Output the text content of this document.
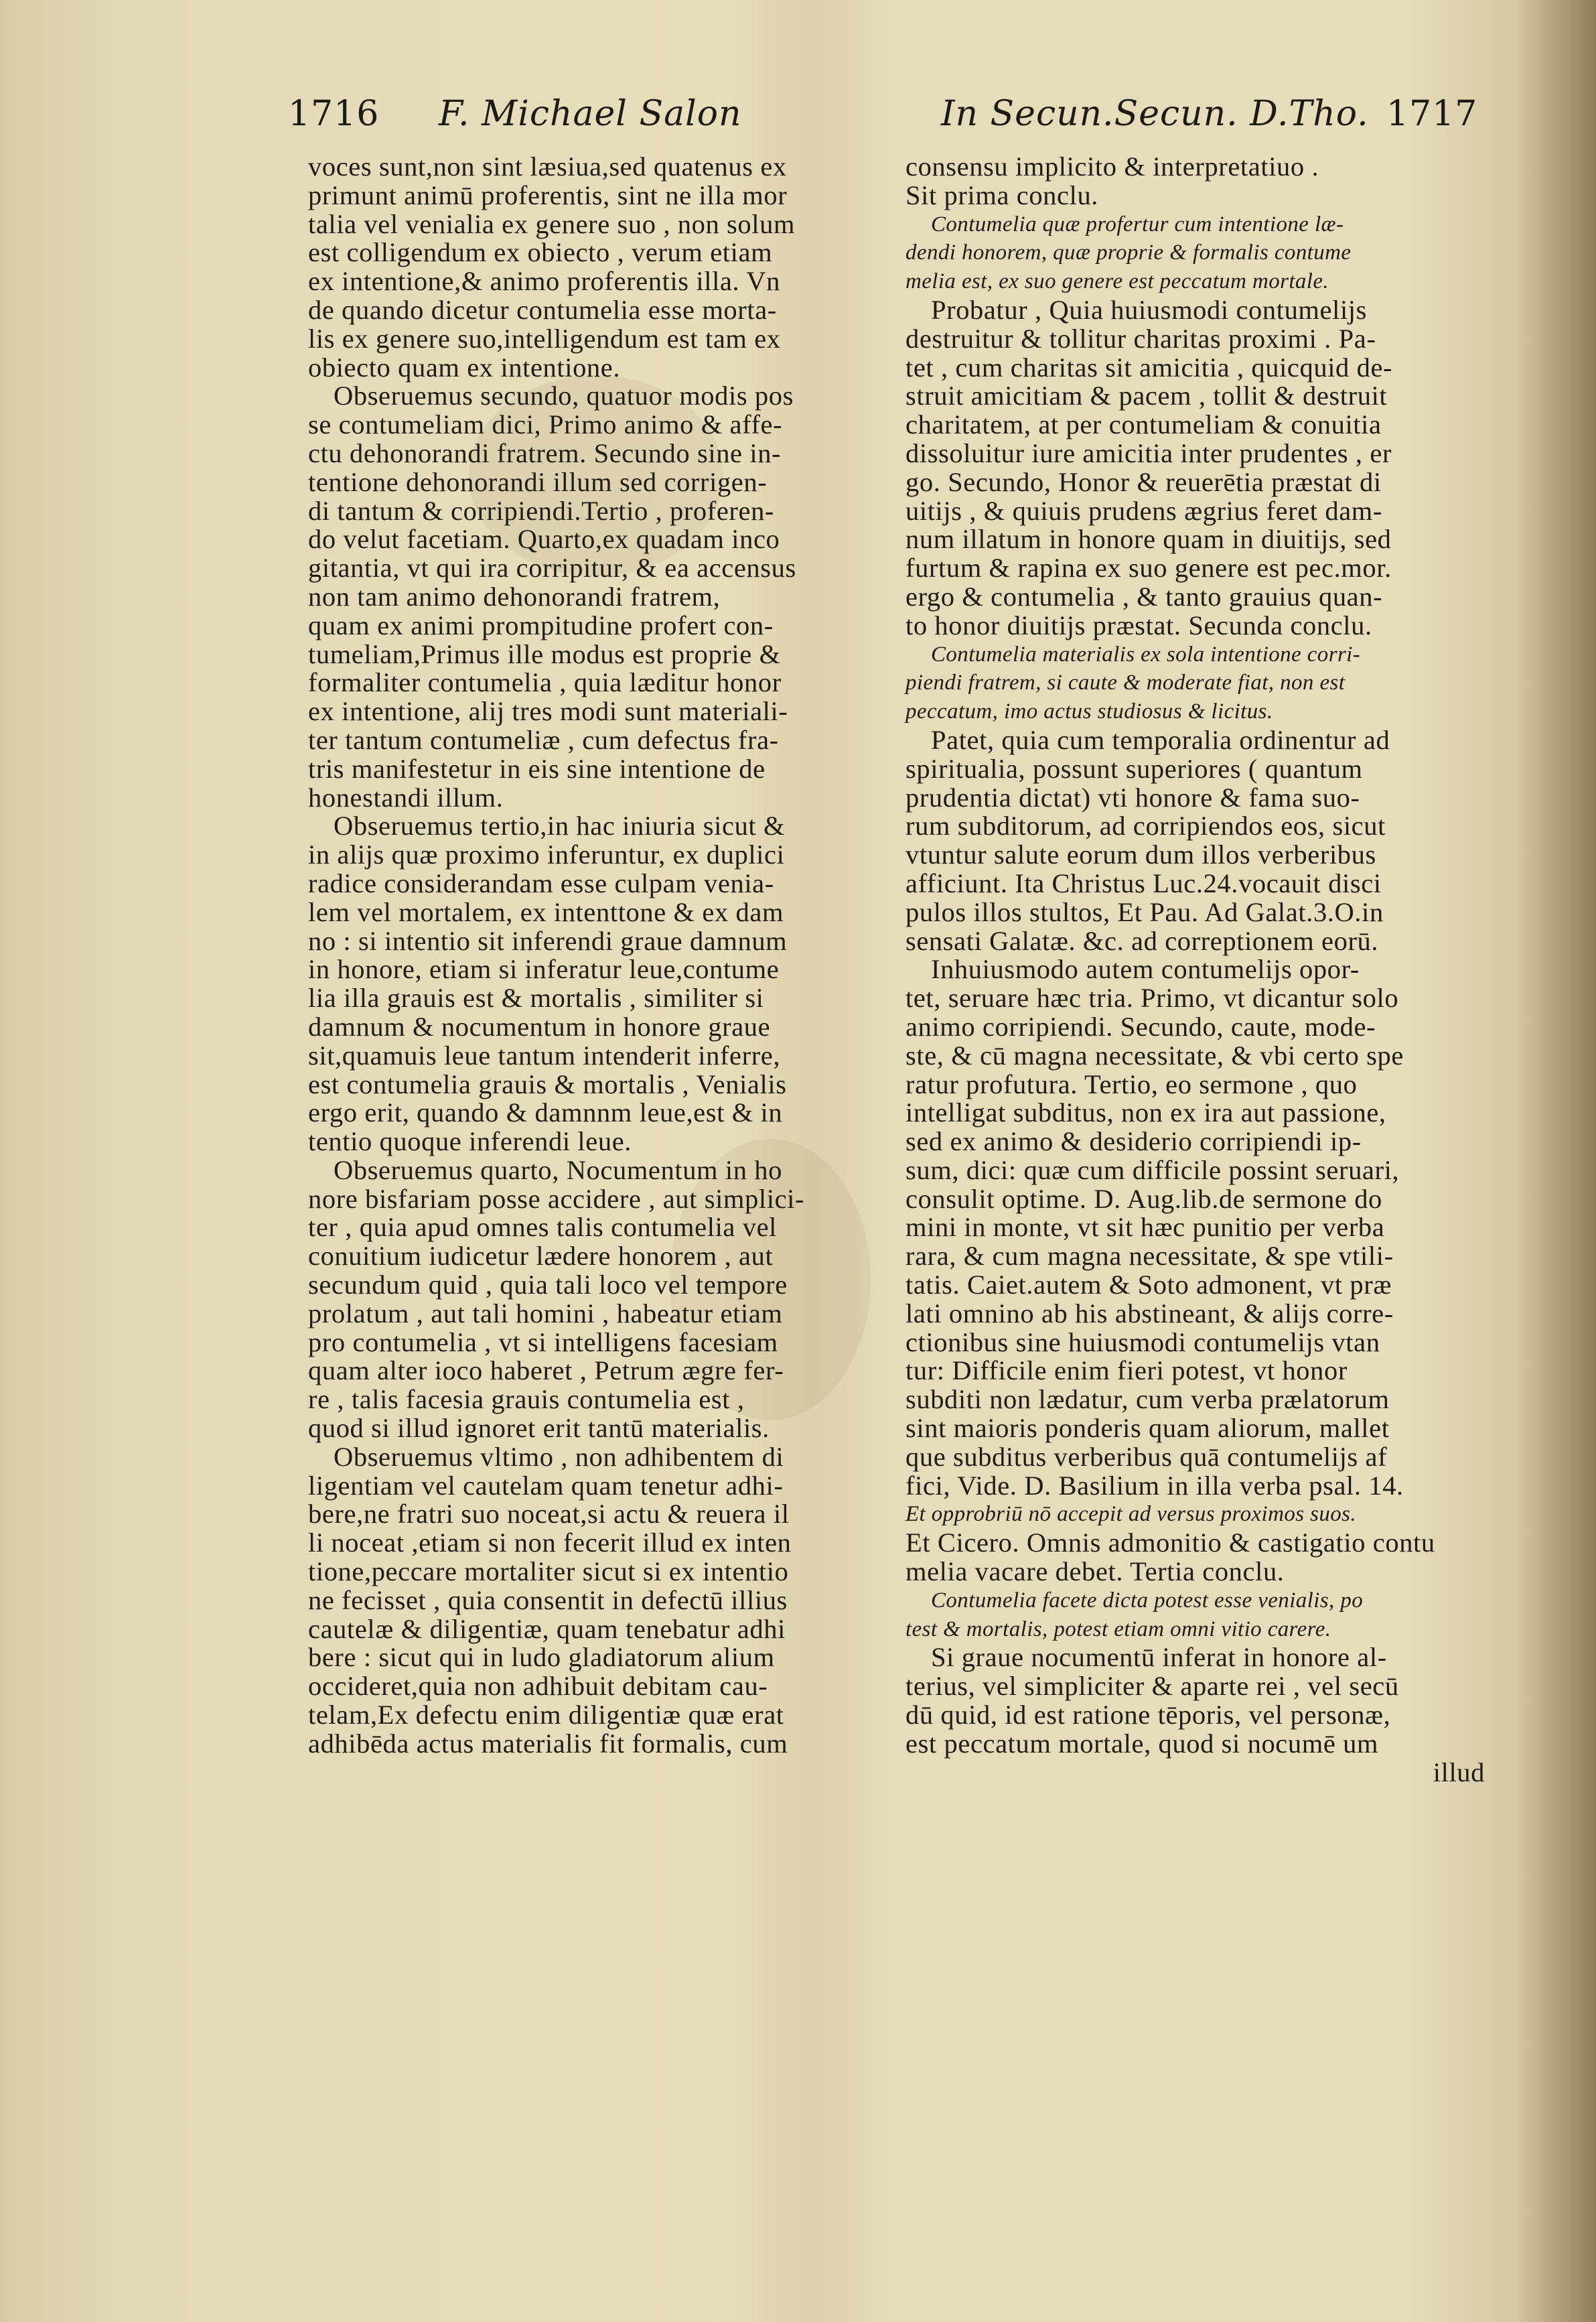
1716 F. Michael Salon	In Secun.Secun. D.Tho. 1717
voces sunt,non sint læsiua,sed quatenus ex
primunt animū proferentis, sint ne illa mor
talia vel venialia ex genere suo , non solum
est colligendum ex obiecto , verum etiam
ex intentione,& animo proferentis illa. Vn
de quando dicetur contumelia esse morta-
lis ex genere suo,intelligendum est tam ex
obiecto quam ex intentione.
Obseruemus secundo, quatuor modis pos
se contumeliam dici, Primo animo & affe-
ctu dehonorandi fratrem. Secundo sine in-
tentione dehonorandi illum sed corrigen-
di tantum & corripiendi.Tertio , proferen-
do velut facetiam. Quarto,ex quadam inco
gitantia, vt qui ira corripitur, & ea accensus
non tam animo dehonorandi fratrem,
quam ex animi prompitudine profert con-
tumeliam,Primus ille modus est proprie &
formaliter contumelia , quia læditur honor
ex intentione, alij tres modi sunt materiali-
ter tantum contumeliæ , cum defectus fra-
tris manifestetur in eis sine intentione de
honestandi illum.
Obseruemus tertio,in hac iniuria sicut &
in alijs quæ proximo inferuntur, ex duplici
radice considerandam esse culpam venia-
lem vel mortalem, ex intenttone & ex dam
no : si intentio sit inferendi graue damnum
in honore, etiam si inferatur leue,contume
lia illa grauis est & mortalis , similiter si
damnum & nocumentum in honore graue
sit,quamuis leue tantum intenderit inferre,
est contumelia grauis & mortalis , Venialis
ergo erit, quando & damnnm leue,est & in
tentio quoque inferendi leue.
Obseruemus quarto, Nocumentum in ho
nore bisfariam posse accidere , aut simplici-
ter , quia apud omnes talis contumelia vel
conuitium iudicetur lædere honorem , aut
secundum quid , quia tali loco vel tempore
prolatum , aut tali homini , habeatur etiam
pro contumelia , vt si intelligens facesiam
quam alter ioco haberet , Petrum ægre fer-
re , talis facesia grauis contumelia est ,
quod si illud ignoret erit tantū materialis.
Obseruemus vltimo , non adhibentem di
ligentiam vel cautelam quam tenetur adhi-
bere,ne fratri suo noceat,si actu & reuera il
li noceat ,etiam si non fecerit illud ex inten
tione,peccare mortaliter sicut si ex intentio
ne fecisset , quia consentit in defectū illius
cautelæ & diligentiæ, quam tenebatur adhi
bere : sicut qui in ludo gladiatorum alium
occideret,quia non adhibuit debitam cau-
telam,Ex defectu enim diligentiæ quæ erat
adhibēda actus materialis fit formalis, cum
consensu implicito & interpretatiuo .
Sit prima conclu.
Contumelia quæ profertur cum intentione læ-
dendi honorem, quæ proprie & formalis contume
melia est, ex suo genere est peccatum mortale.
Probatur , Quia huiusmodi contumelijs
destruitur & tollitur charitas proximi . Pa-
tet , cum charitas sit amicitia , quicquid de-
struit amicitiam & pacem , tollit & destruit
charitatem, at per contumeliam & conuitia
dissoluitur iure amicitia inter prudentes , er
go. Secundo, Honor & reuerētia præstat di
uitijs , & quiuis prudens ægrius feret dam-
num illatum in honore quam in diuitijs, sed
furtum & rapina ex suo genere est pec.mor.
ergo & contumelia , & tanto grauius quan-
to honor diuitijs præstat. Secunda conclu.
Contumelia materialis ex sola intentione corri-
piendi fratrem, si caute & moderate fiat, non est
peccatum, imo actus studiosus & licitus.
Patet, quia cum temporalia ordinentur ad
spiritualia, possunt superiores ( quantum
prudentia dictat) vti honore & fama suo-
rum subditorum, ad corripiendos eos, sicut
vtuntur salute eorum dum illos verberibus
afficiunt. Ita Christus Luc.24.vocauit disci
pulos illos stultos, Et Pau. Ad Galat.3.O.in
sensati Galatæ. &c. ad correptionem eorū.
Inhuiusmodo autem contumelijs opor-
tet, seruare hæc tria. Primo, vt dicantur solo
animo corripiendi. Secundo, caute, mode-
ste, & cū magna necessitate, & vbi certo spe
ratur profutura. Tertio, eo sermone , quo
intelligat subditus, non ex ira aut passione,
sed ex animo & desiderio corripiendi ip-
sum, dici: quæ cum difficile possint seruari,
consulit optime. D. Aug.lib.de sermone do
mini in monte, vt sit hæc punitio per verba
rara, & cum magna necessitate, & spe vtili-
tatis. Caiet.autem & Soto admonent, vt præ
lati omnino ab his abstineant, & alijs corre-
ctionibus sine huiusmodi contumelijs vtan
tur: Difficile enim fieri potest, vt honor
subditi non lædatur, cum verba prælatorum
sint maioris ponderis quam aliorum, mallet
que subditus verberibus quā contumelijs af
fici, Vide. D. Basilium in illa verba psal. 14.
Et opprobriū nō accepit ad versus proximos suos.
Et Cicero. Omnis admonitio & castigatio contu
melia vacare debet. Tertia conclu.
Contumelia facete dicta potest esse venialis, po
test & mortalis, potest etiam omni vitio carere.
Si graue nocumentū inferat in honore al-
terius, vel simpliciter & aparte rei , vel secū
dū quid, id est ratione tēporis, vel personæ,
est peccatum mortale, quod si nocumē um
illud
